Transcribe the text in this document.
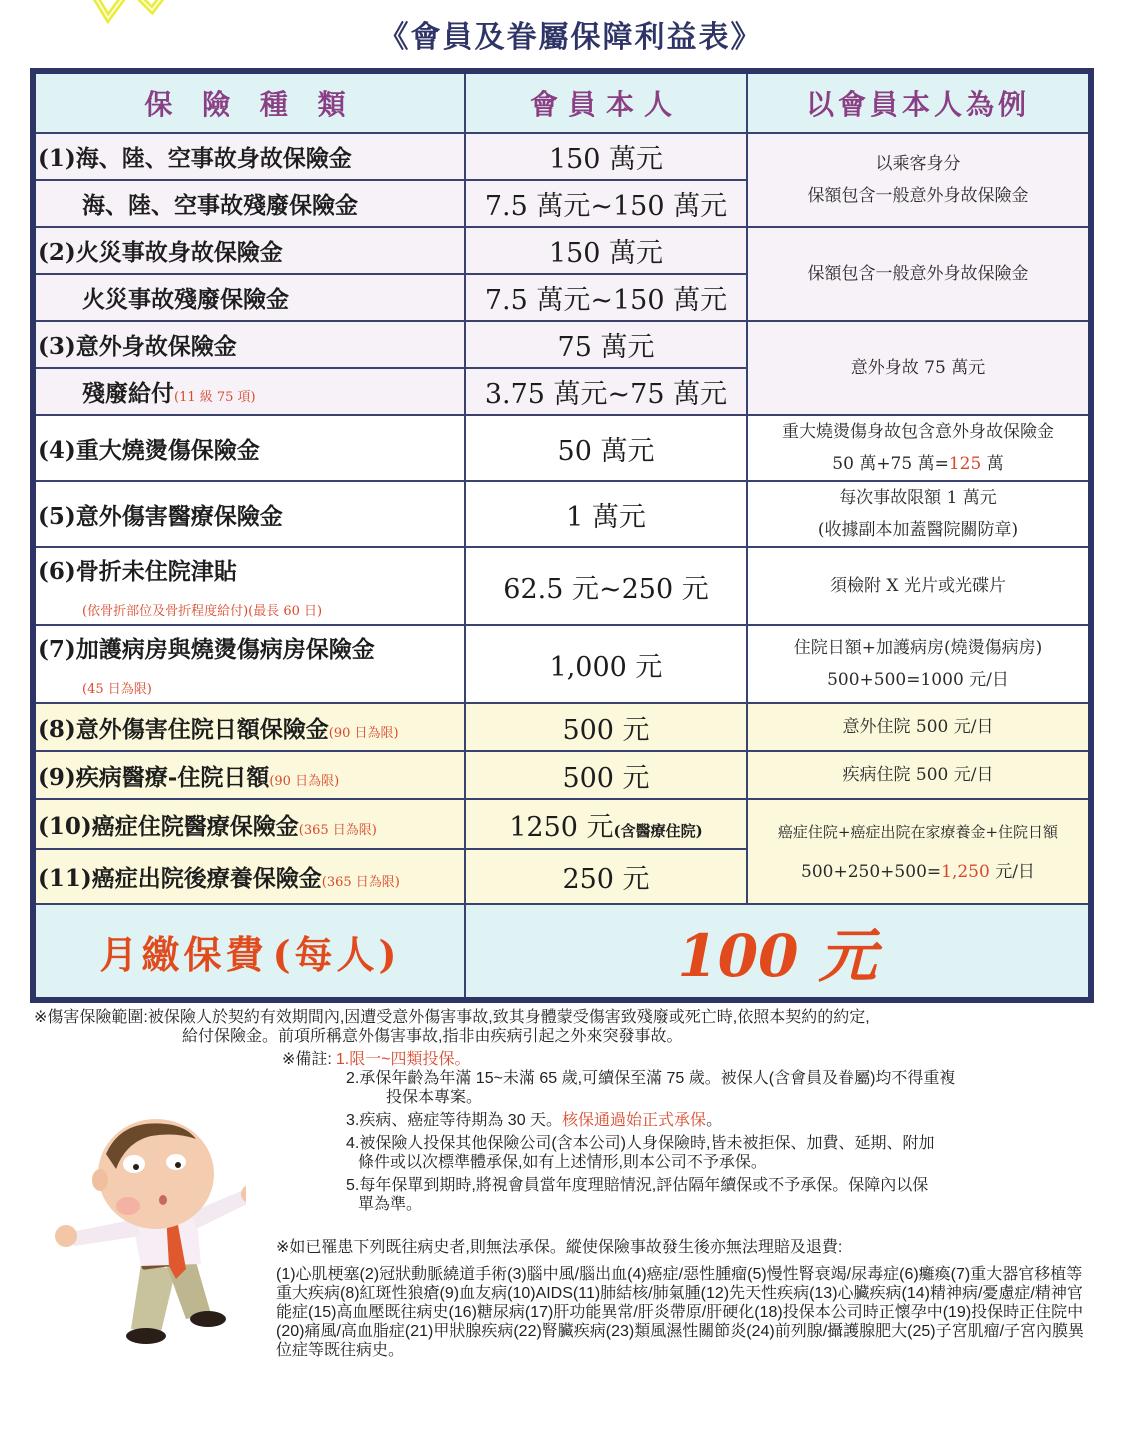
《會員及眷屬保障利益表》
保 險 種 類	會員本人	以會員本人為例
(1)海、陸、空事故身故保險金	150 萬元	以乘客身分
保額包含一般意外身故保險金

海、陸、空事故殘廢保險金	7.5 萬元~150 萬元	
(2)火災事故身故保險金	150 萬元	保額包含一般意外身故保險金
火災事故殘廢保險金	7.5 萬元~150 萬元	
(3)意外身故保險金	75 萬元	意外身故 75 萬元
殘廢給付(11 級 75 項)	3.75 萬元~75 萬元	
(4)重大燒燙傷保險金	50 萬元	重大燒燙傷身故包含意外身故保險金
50 萬+75 萬=125 萬

(5)意外傷害醫療保險金	1 萬元	每次事故限額 1 萬元
(收據副本加蓋醫院關防章)

(6)骨折未住院津貼
(依骨折部位及骨折程度給付)(最長 60 日)	62.5 元~250 元	須檢附 X 光片或光碟片
(7)加護病房與燒燙傷病房保險金
(45 日為限)
	1,000 元	
住院日額+加護病房(燒燙傷病房)
500+500=1000 元/日

(8)意外傷害住院日額保險金(90 日為限)	500 元	意外住院 500 元/日
(9)疾病醫療-住院日額(90 日為限)	500 元	疾病住院 500 元/日
(10)癌症住院醫療保險金(365 日為限)	1250 元(含醫療住院)	癌症住院+癌症出院在家療養金+住院日額
500+250+500=1,250 元/日

(11)癌症出院後療養保險金(365 日為限)	250 元	
月繳保費 (每人)	100 元	
※傷害保險範圍:被保險人於契約有效期間內,因遭受意外傷害事故,致其身體蒙受傷害致殘廢或死亡時,依照本契約的約定,
給付保險金。前項所稱意外傷害事故,指非由疾病引起之外來突發事故。
※備註: 1.限一~四類投保。
2.承保年齡為年滿 15~未滿 65 歲,可續保至滿 75 歲。被保人(含會員及眷屬)均不得重複
投保本專案。
3.疾病、癌症等待期為 30 天。核保通過始正式承保。
4.被保險人投保其他保險公司(含本公司)人身保險時,皆未被拒保、加費、延期、附加
條件或以次標準體承保,如有上述情形,則本公司不予承保。
5.每年保單到期時,將視會員當年度理賠情況,評估隔年續保或不予承保。保障內以保
單為準。
※如已罹患下列既往病史者,則無法承保。縱使保險事故發生後亦無法理賠及退費:
(1)心肌梗塞(2)冠狀動脈繞道手術(3)腦中風/腦出血(4)癌症/惡性腫瘤(5)慢性腎衰竭/尿毒症(6)癱瘓(7)重大器官移植等重大疾病(8)紅斑性狼瘡(9)血友病(10)AIDS(11)肺結核/肺氣腫(12)先天性疾病(13)心臟疾病(14)精神病/憂慮症/精神官能症(15)高血壓既往病史(16)糖尿病(17)肝功能異常/肝炎帶原/肝硬化(18)投保本公司時正懷孕中(19)投保時正住院中(20)痛風/高血脂症(21)甲狀腺疾病(22)腎臟疾病(23)類風濕性關節炎(24)前列腺/攝護腺肥大(25)子宮肌瘤/子宮內膜異位症等既往病史。
